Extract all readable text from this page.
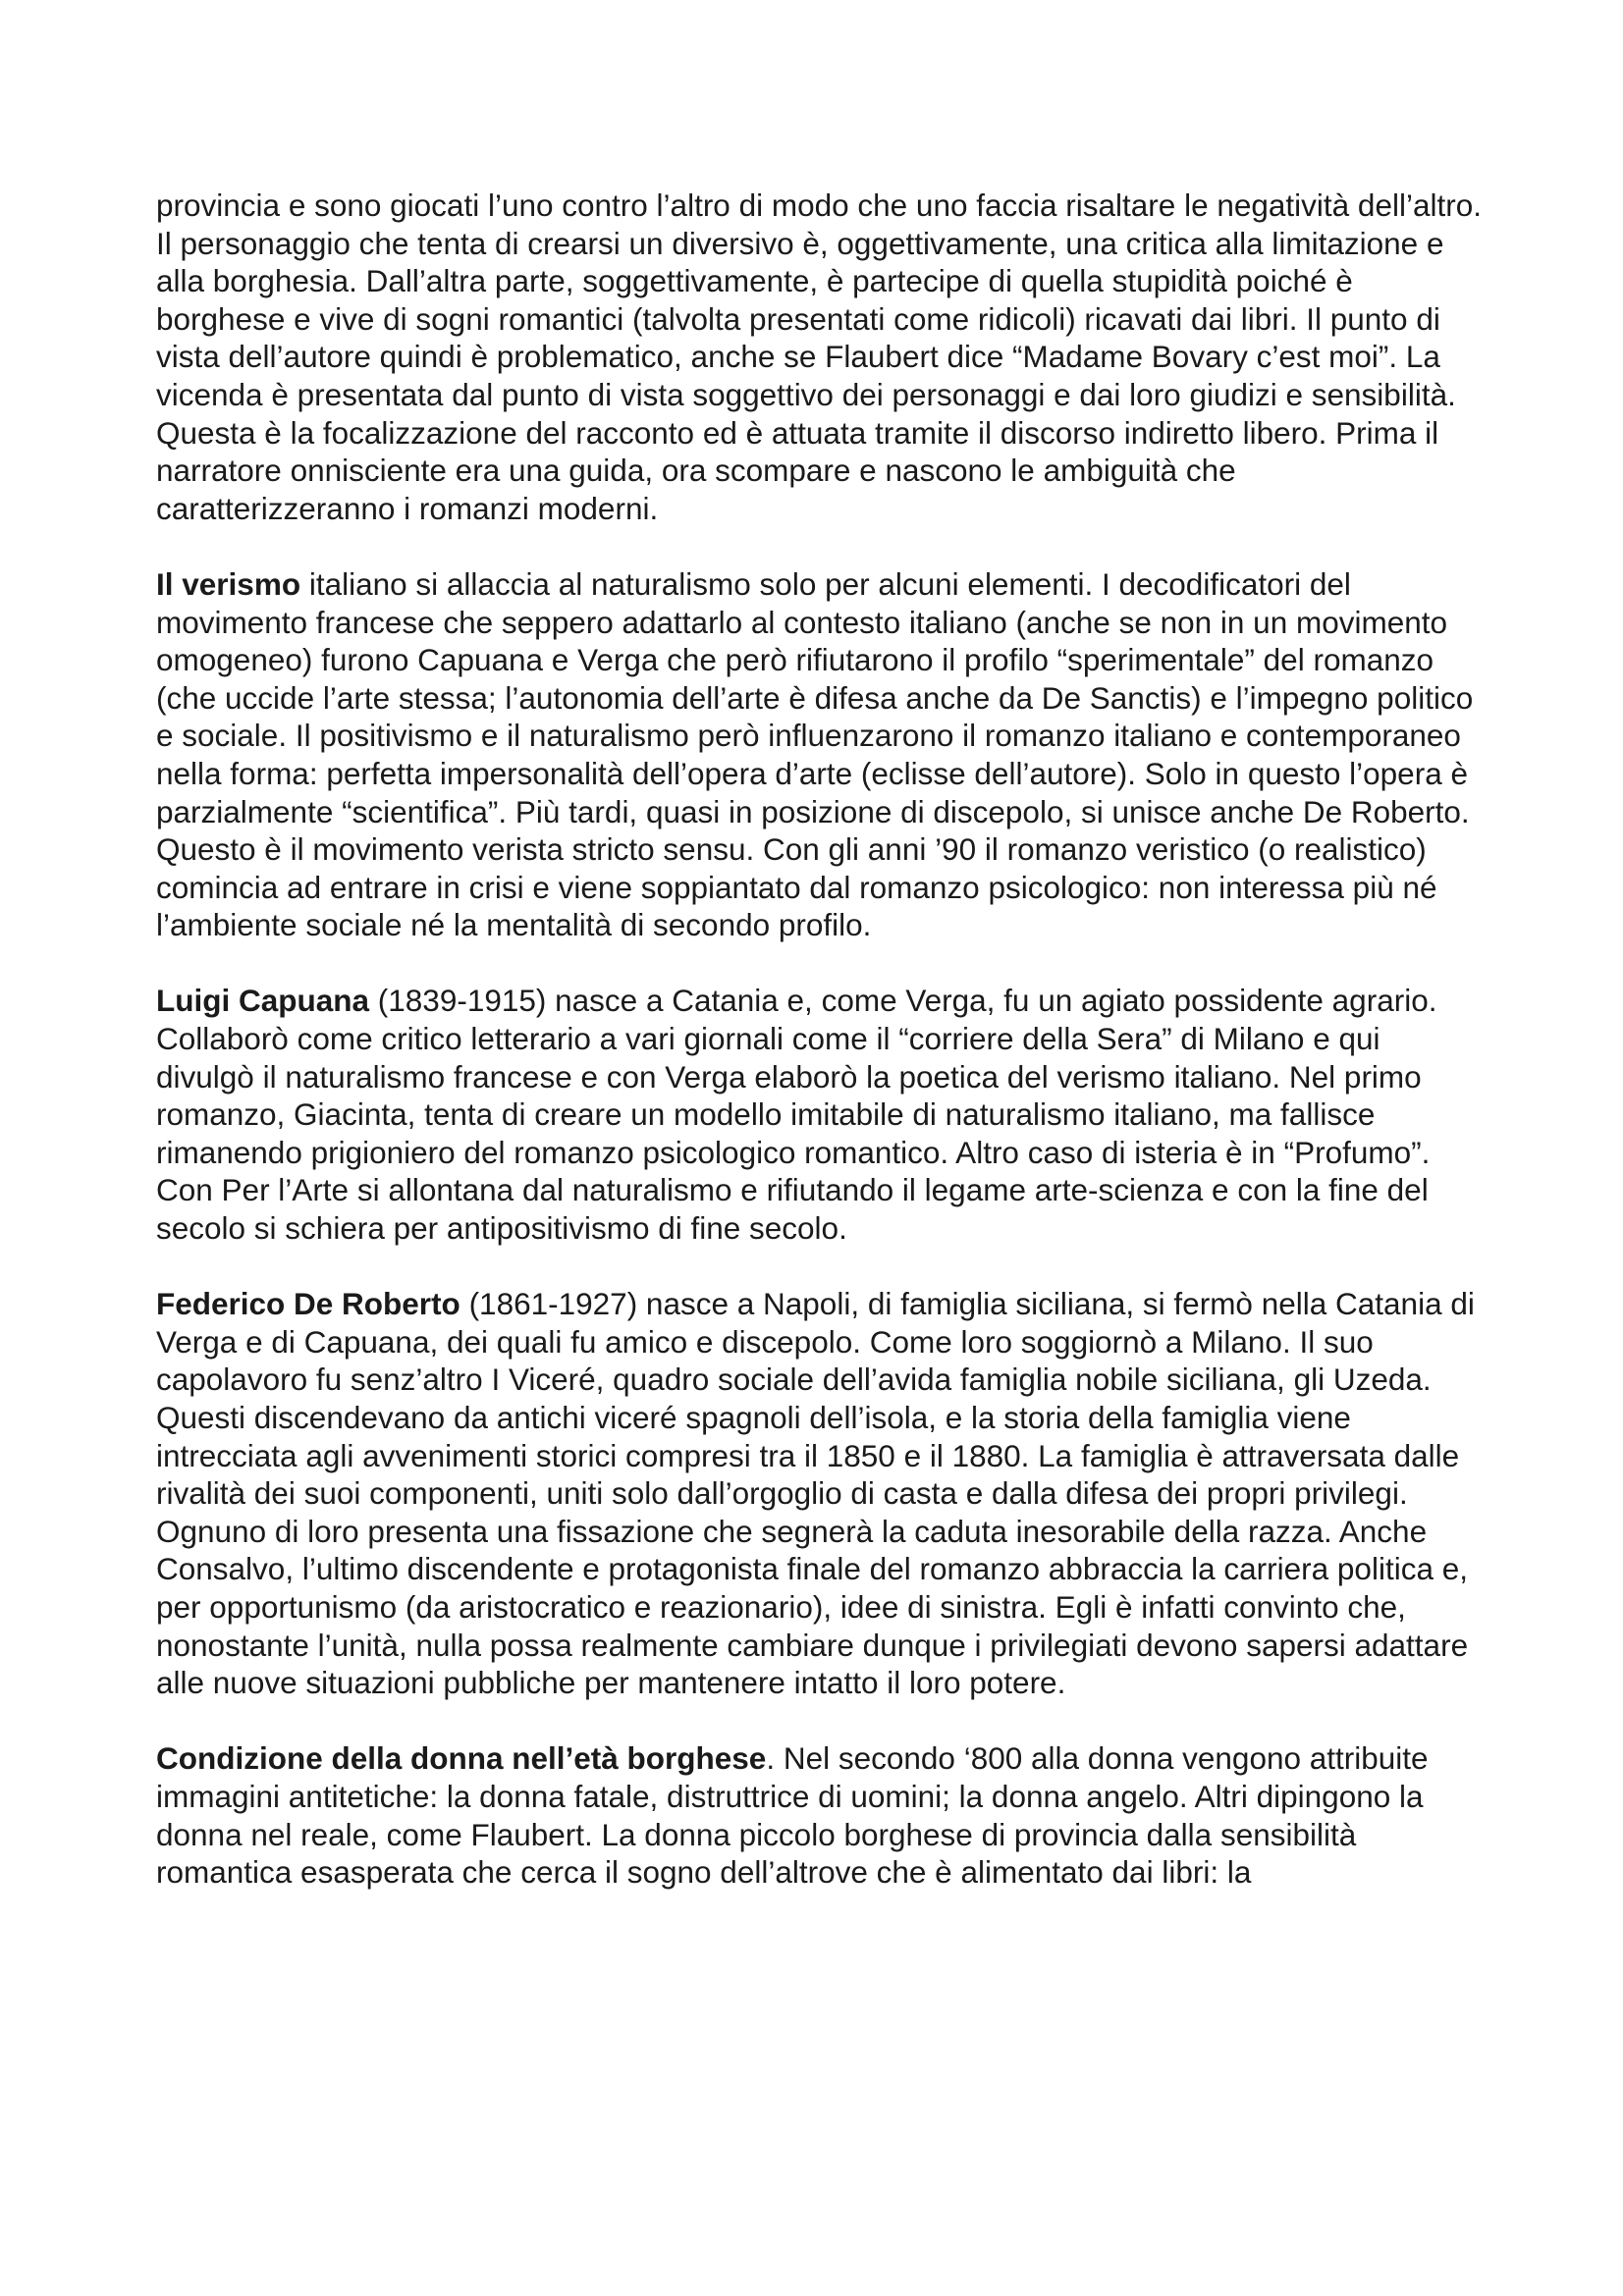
provincia e sono giocati l’uno contro l’altro di modo che uno faccia risaltare le negatività dell’altro. Il personaggio che tenta di crearsi un diversivo è, oggettivamente, una critica alla limitazione e alla borghesia. Dall’altra parte, soggettivamente, è partecipe di quella stupidità poiché è borghese e vive di sogni romantici (talvolta presentati come ridicoli) ricavati dai libri. Il punto di vista dell’autore quindi è problematico, anche se Flaubert dice “Madame Bovary c’est moi”. La vicenda è presentata dal punto di vista soggettivo dei personaggi e dai loro giudizi e sensibilità. Questa è la focalizzazione del racconto ed è attuata tramite il discorso indiretto libero. Prima il narratore onnisciente era una guida, ora scompare e nascono le ambiguità che caratterizzeranno i romanzi moderni.

Il verismo italiano si allaccia al naturalismo solo per alcuni elementi. I decodificatori del movimento francese che seppero adattarlo al contesto italiano (anche se non in un movimento omogeneo) furono Capuana e Verga che però rifiutarono il profilo “sperimentale” del romanzo (che uccide l’arte stessa; l’autonomia dell’arte è difesa anche da De Sanctis) e l’impegno politico e sociale. Il positivismo e il naturalismo però influenzarono il romanzo italiano e contemporaneo nella forma: perfetta impersonalità dell’opera d’arte (eclisse dell’autore). Solo in questo l’opera è parzialmente “scientifica”. Più tardi, quasi in posizione di discepolo, si unisce anche De Roberto. Questo è il movimento verista stricto sensu. Con gli anni ’90 il romanzo veristico (o realistico) comincia ad entrare in crisi e viene soppiantato dal romanzo psicologico: non interessa più né l’ambiente sociale né la mentalità di secondo profilo.

Luigi Capuana (1839-1915) nasce a Catania e, come Verga, fu un agiato possidente agrario. Collaborò come critico letterario a vari giornali come il “corriere della Sera” di Milano e qui divulgò il naturalismo francese e con Verga elaborò la poetica del verismo italiano. Nel primo romanzo, Giacinta, tenta di creare un modello imitabile di naturalismo italiano, ma fallisce rimanendo prigioniero del romanzo psicologico romantico. Altro caso di isteria è in “Profumo”. Con Per l’Arte si allontana dal naturalismo e rifiutando il legame arte-scienza e con la fine del secolo si schiera per antipositivismo di fine secolo.

Federico De Roberto (1861-1927) nasce a Napoli, di famiglia siciliana, si fermò nella Catania di Verga e di Capuana, dei quali fu amico e discepolo. Come loro soggiornò a Milano. Il suo capolavoro fu senz’altro I Viceré, quadro sociale dell’avida famiglia nobile siciliana, gli Uzeda. Questi discendevano da antichi viceré spagnoli dell’isola, e la storia della famiglia viene intrecciata agli avvenimenti storici compresi tra il 1850 e il 1880. La famiglia è attraversata dalle rivalità dei suoi componenti, uniti solo dall’orgoglio di casta e dalla difesa dei propri privilegi. Ognuno di loro presenta una fissazione che segnerà la caduta inesorabile della razza. Anche Consalvo, l’ultimo discendente e protagonista finale del romanzo abbraccia la carriera politica e, per opportunismo (da aristocratico e reazionario), idee di sinistra. Egli è infatti convinto che, nonostante l’unità, nulla possa realmente cambiare dunque i privilegiati devono sapersi adattare alle nuove situazioni pubbliche per mantenere intatto il loro potere.

Condizione della donna nell’età borghese. Nel secondo ‘800 alla donna vengono attribuite immagini antitetiche: la donna fatale, distruttrice di uomini; la donna angelo. Altri dipingono la donna nel reale, come Flaubert. La donna piccolo borghese di provincia dalla sensibilità romantica esasperata che cerca il sogno dell’altrove che è alimentato dai libri: la
